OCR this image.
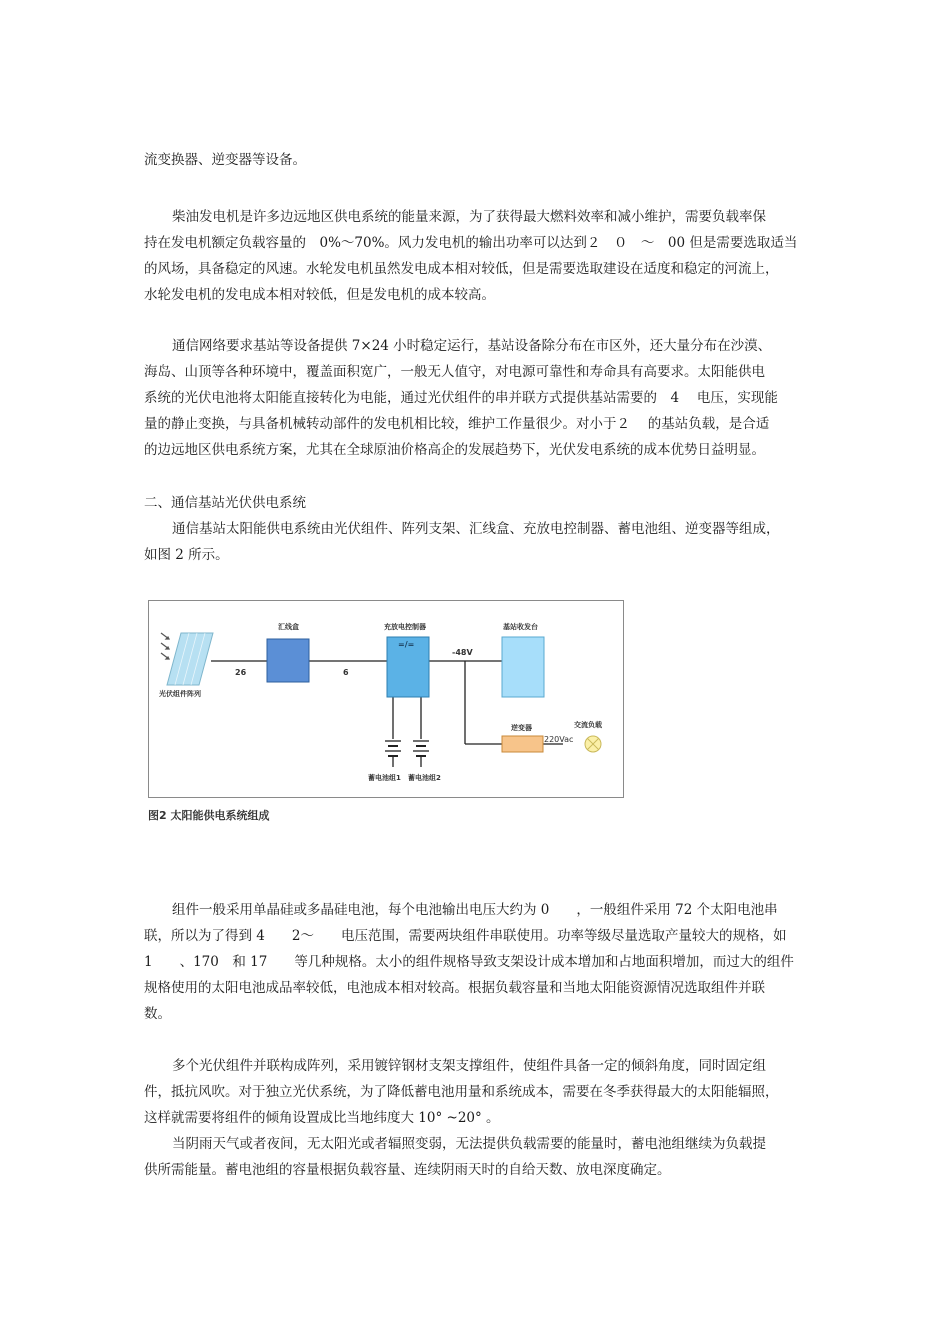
流变换器、逆变器等设备。
柴油发电机是许多边远地区供电系统的能量来源，为了获得最大燃料效率和减小维护，需要负载率保
持在发电机额定负载容量的　0%～70%。风力发电机的输出功率可以达到２　０　～　00 但是需要选取适当
的风场，具备稳定的风速。水轮发电机虽然发电成本相对较低，但是需要选取建设在适度和稳定的河流上，
水轮发电机的发电成本相对较低，但是发电机的成本较高。
通信网络要求基站等设备提供 7×24 小时稳定运行，基站设备除分布在市区外，还大量分布在沙漠、
海岛、山顶等各种环境中，覆盖面积宽广，一般无人值守，对电源可靠性和寿命具有高要求。太阳能供电
系统的光伏电池将太阳能直接转化为电能，通过光伏组件的串并联方式提供基站需要的　4　 电压，实现能
量的静止变换，与具备机械转动部件的发电机相比较，维护工作量很少。对小于２　 的基站负载，是合适
的边远地区供电系统方案，尤其在全球原油价格高企的发展趋势下，光伏发电系统的成本优势日益明显。
二、通信基站光伏供电系统
通信基站太阳能供电系统由光伏组件、阵列支架、汇线盒、充放电控制器、蓄电池组、逆变器等组成，
如图 2 所示。
光伏组件阵列
26	6
-48V
汇线盒	充放电控制器
=/=
基站收发台
逆变器
220Vac
交流负载
蓄电池组1 蓄电池组2
图2 太阳能供电系统组成
组件一般采用单晶硅或多晶硅电池，每个电池输出电压大约为 0　　，一般组件采用 72 个太阳电池串
联，所以为了得到 4　　2～　　电压范围，需要两块组件串联使用。功率等级尽量选取产量较大的规格，如
1　　、170　和 17　　等几种规格。太小的组件规格导致支架设计成本增加和占地面积增加，而过大的组件
规格使用的太阳电池成品率较低，电池成本相对较高。根据负载容量和当地太阳能资源情况选取组件并联
数。
多个光伏组件并联构成阵列，采用镀锌钢材支架支撑组件，使组件具备一定的倾斜角度，同时固定组
件，抵抗风吹。对于独立光伏系统，为了降低蓄电池用量和系统成本，需要在冬季获得最大的太阳能辐照，
这样就需要将组件的倾角设置成比当地纬度大 10° ~20° 。
当阴雨天气或者夜间，无太阳光或者辐照变弱，无法提供负载需要的能量时，蓄电池组继续为负载提
供所需能量。蓄电池组的容量根据负载容量、连续阴雨天时的自给天数、放电深度确定。
